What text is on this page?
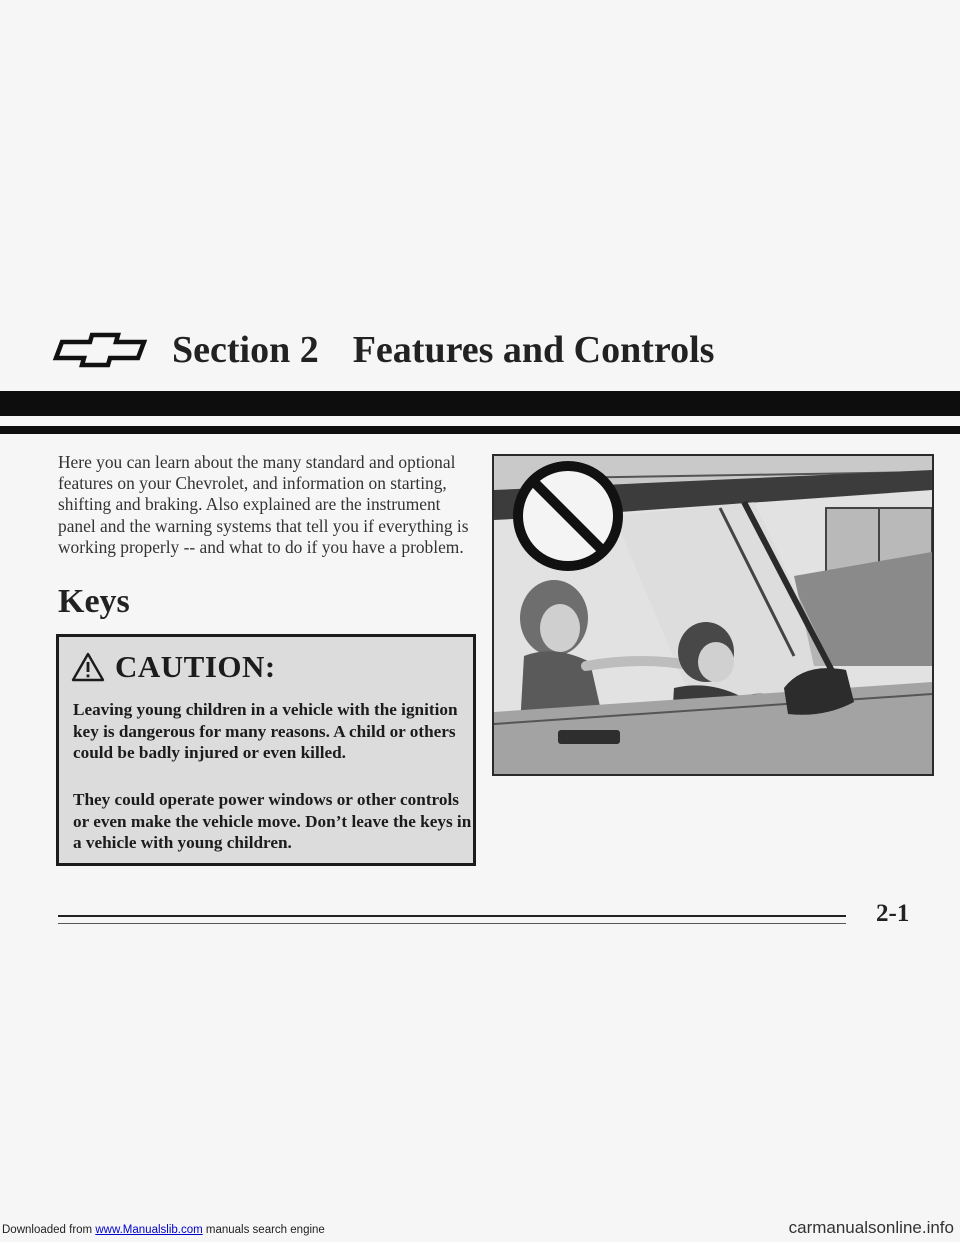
Section 2 Features and Controls

Here you can learn about the many standard and optional features on your Chevrolet, and information on starting, shifting and braking. Also explained are the instrument panel and the warning systems that tell you if everything is working properly -- and what to do if you have a problem.

Keys
CAUTION:

Leaving young children in a vehicle with the ignition key is dangerous for many reasons. A child or others could be badly injured or even killed.

They could operate power windows or other controls or even make the vehicle move. Don’t leave the keys in a vehicle with young children.

2-1

Downloaded from www.Manualslib.com manuals search engine	carmanualsonline.info
